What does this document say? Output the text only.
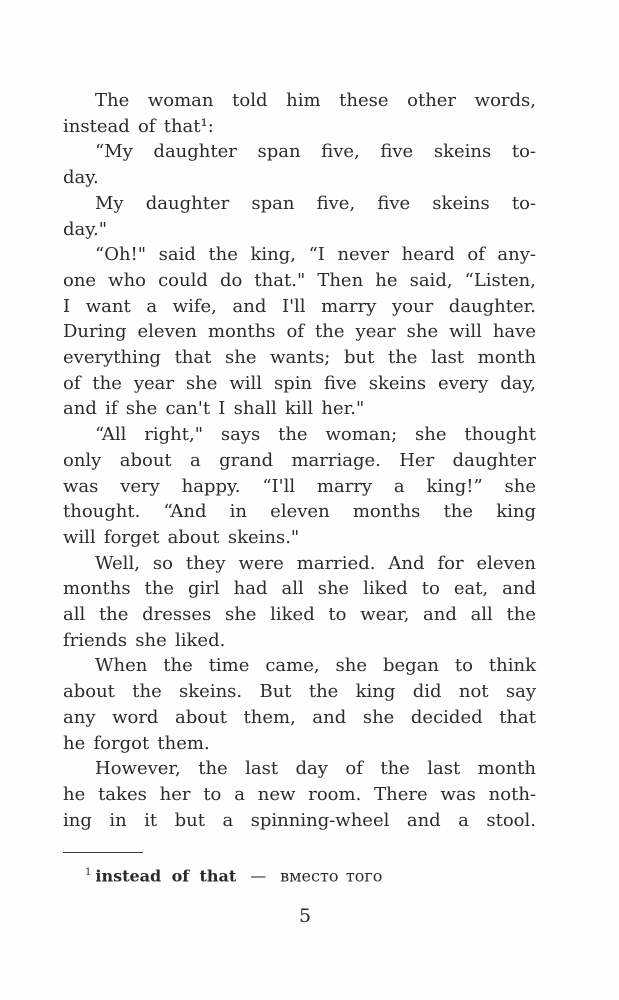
The woman told him these other words,
instead of that¹:
“My daughter span five, five skeins to-
day.
My daughter span five, five skeins to-
day."
“Oh!" said the king, “I never heard of any-
one who could do that." Then he said, “Listen,
I want a wife, and I'll marry your daughter.
During eleven months of the year she will have
everything that she wants; but the last month
of the year she will spin five skeins every day,
and if she can't I shall kill her."
“All right," says the woman; she thought
only about a grand marriage. Her daughter
was very happy. “I'll marry a king!” she
thought. “And in eleven months the king
will forget about skeins."
Well, so they were married. And for eleven
months the girl had all she liked to eat, and
all the dresses she liked to wear, and all the
friends she liked.
When the time came, she began to think
about the skeins. But the king did not say
any word about them, and she decided that
he forgot them.
However, the last day of the last month
he takes her to a new room. There was noth-
ing in it but a spinning-wheel and a stool.
$^1$ instead of that — вместо того
5
